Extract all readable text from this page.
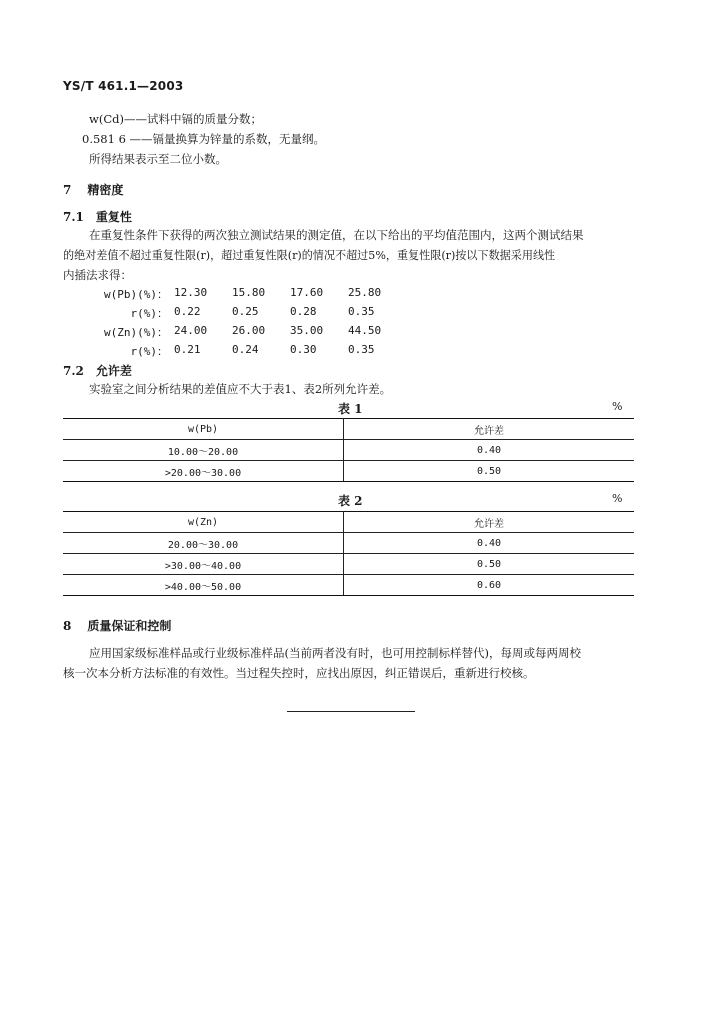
YS/T 461.1—2003
w(Cd)——试料中镉的质量分数；
0.581 6 ——镉量换算为锌量的系数，无量纲。
所得结果表示至二位小数。
7 精密度
7.1 重复性
在重复性条件下获得的两次独立测试结果的测定值，在以下给出的平均值范围内，这两个测试结果
的绝对差值不超过重复性限(r)，超过重复性限(r)的情况不超过5%，重复性限(r)按以下数据采用线性
内插法求得：
w(Pb)(%)： 12.30 15.80 17.60 25.80
r(%)： 0.22	0.25	0.28	0.35
w(Zn)(%)： 24.00 26.00 35.00 44.50
r(%)： 0.21	0.24	0.30	0.35
7.2 允许差
实验室之间分析结果的差值应不大于表1、表2所列允许差。
表 1	%
w(Pb)	允许差
10.00～20.00	0.40
>20.00～30.00	0.50
表 2	%
w(Zn)	允许差
20.00～30.00	0.40
>30.00～40.00	0.50
>40.00～50.00	0.60
8 质量保证和控制
应用国家级标准样品或行业级标准样品(当前两者没有时，也可用控制标样替代)，每周或每两周校
核一次本分析方法标准的有效性。当过程失控时，应找出原因，纠正错误后，重新进行校核。
